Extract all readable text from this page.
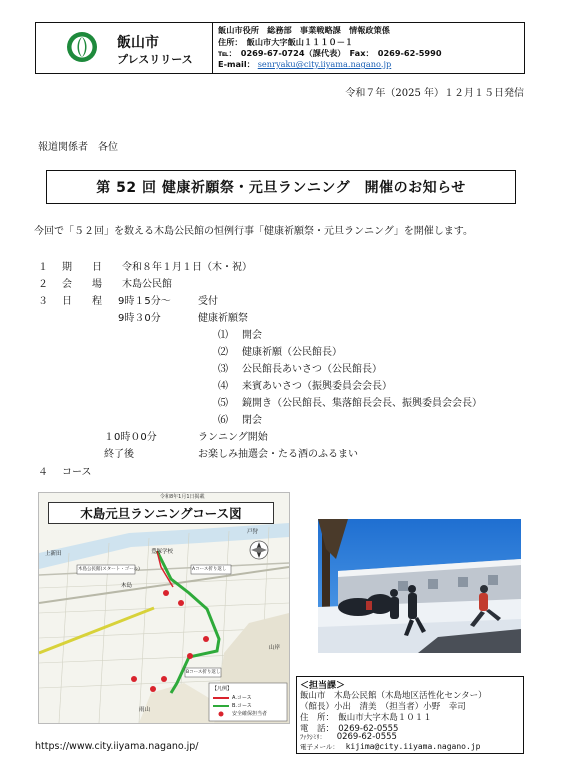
飯山市
プレスリリース
飯山市役所　総務部　事業戦略課　情報政策係
住所：　飯山市大字飯山１１１０－１
℡：　0269-67-0724（課代表）　Fax：　0269-62-5990
E-mail： senryaku@city.iiyama.nagano.jp
令和７年（2025 年）１２月１５日発信
報道関係者　各位
第 52 回 健康祈願祭・元旦ランニング　開催のお知らせ
今回で「５２回」を数える木島公民館の恒例行事「健康祈願祭・元旦ランニング」を開催します。
１ 期　　日 令和８年１月１日（木・祝）
２ 会　　場 木島公民館
３ 日　　程 9時１5分～	受付
9時３0分	健康祈願祭
⑴ 開会
⑵ 健康祈願（公民館長）
⑶ 公民館長あいさつ（公民館長）
⑷ 来賓あいさつ（振興委員会会長）
⑸ 鏡開き（公民館長、集落館長会長、振興委員会会長）
⑹ 閉会
１0時０0分	ランニング開始
終了後	お楽しみ抽選会・たる酒のふるまい
４ コース
豊塚学校
木島公民館(スタート・ゴール)	Aコース折り返し
Bコース折り返し
木島
山岸
戸狩
上新田
雨山
【凡例】
A.コース
B.コース
安全確保担当者
令和8年1月1日掲載
木島元旦ランニングコース図
＜担当課＞
飯山市　木島公民館（木島地区活性化センター）
（館長）小出　清美　（担当者）小野　幸司
住　所：　飯山市大字木島１０１１
電　話：　0269-62-0555
ﾌｧｸｼﾐﾘ： 0269-62-0555
電子メール： kijima@city.iiyama.nagano.jp
https://www.city.iiyama.nagano.jp/
